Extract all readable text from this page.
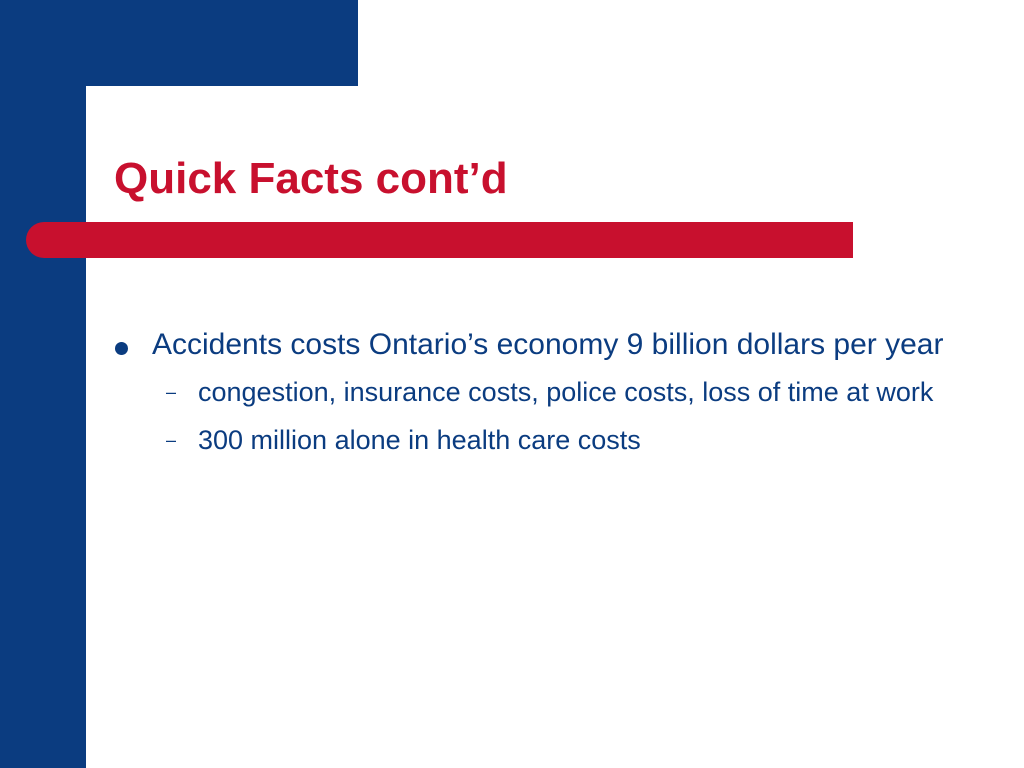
Quick Facts cont’d
Accidents costs Ontario’s economy 9 billion dollars per year
– congestion, insurance costs, police costs, loss of time at work
– 300 million alone in health care costs
